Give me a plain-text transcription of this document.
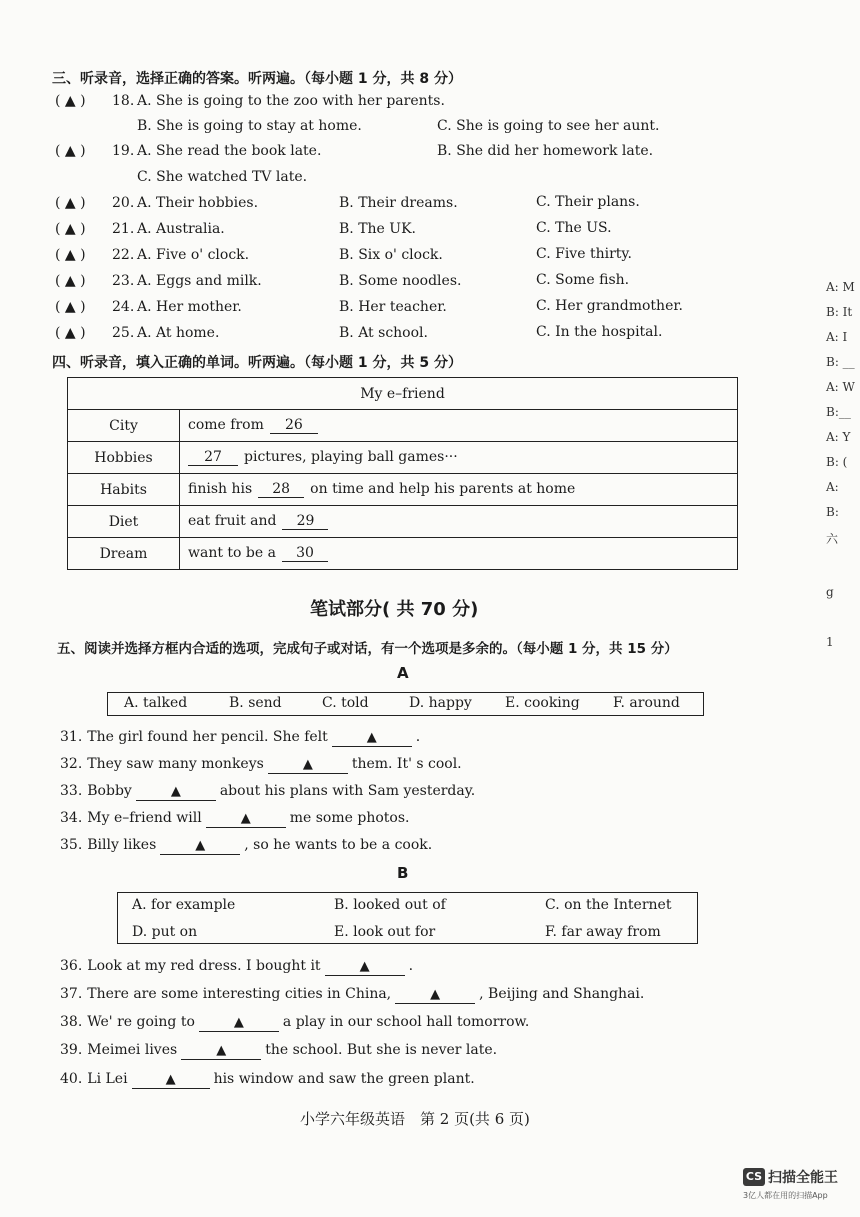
三、听录音，选择正确的答案。听两遍。（每小题 1 分，共 8 分）
( ▲ ) 18. A. She is going to the zoo with her parents.
B. She is going to stay at home.	C. She is going to see her aunt.
( ▲ ) 19. A. She read the book late.	B. She did her homework late.
C. She watched TV late.
( ▲ ) 20. A. Their hobbies.	B. Their dreams.	C. Their plans.
( ▲ ) 21. A. Australia.	B. The UK.	C. The US.
( ▲ ) 22. A. Five o' clock.	B. Six o' clock.	C. Five thirty.
( ▲ ) 23. A. Eggs and milk.	B. Some noodles.	C. Some fish.
( ▲ ) 24. A. Her mother.	B. Her teacher.	C. Her grandmother.
( ▲ ) 25. A. At home.	B. At school.	C. In the hospital.
四、听录音，填入正确的单词。听两遍。（每小题 1 分，共 5 分）
My e–friend	
City	come from 26
Hobbies	27 pictures, playing ball games···
Habits	finish his 28 on time and help his parents at home
Diet	eat fruit and 29
Dream	want to be a 30
笔试部分( 共 70 分)
五、阅读并选择方框内合适的选项，完成句子或对话，有一个选项是多余的。（每小题 1 分，共 15 分）
A
A. talked	B. send	C. told	D. happy E. cooking F. around
31. The girl found her pencil. She felt	▲	.
32. They saw many monkeys	▲	them. It' s cool.
33. Bobby	▲	about his plans with Sam yesterday.
34. My e–friend will	▲	me some photos.
35. Billy likes	▲	, so he wants to be a cook.
B
A. for example	B. looked out of	C. on the Internet
D. put on	E. look out for	F. far away from
36. Look at my red dress. I bought it	▲	.
37. There are some interesting cities in China,	▲	, Beijing and Shanghai.
38. We' re going to	▲	a play in our school hall tomorrow.
39. Meimei lives	▲	the school. But she is never late.
40. Li Lei	▲	his window and saw the green plant.
小学六年级英语　第 2 页(共 6 页)
A: M
B: It
A: I
B: __
A: W
B:__
A: Y
B: (
A:
B:
六
g
1
CS 扫描全能王
3亿人都在用的扫描App
